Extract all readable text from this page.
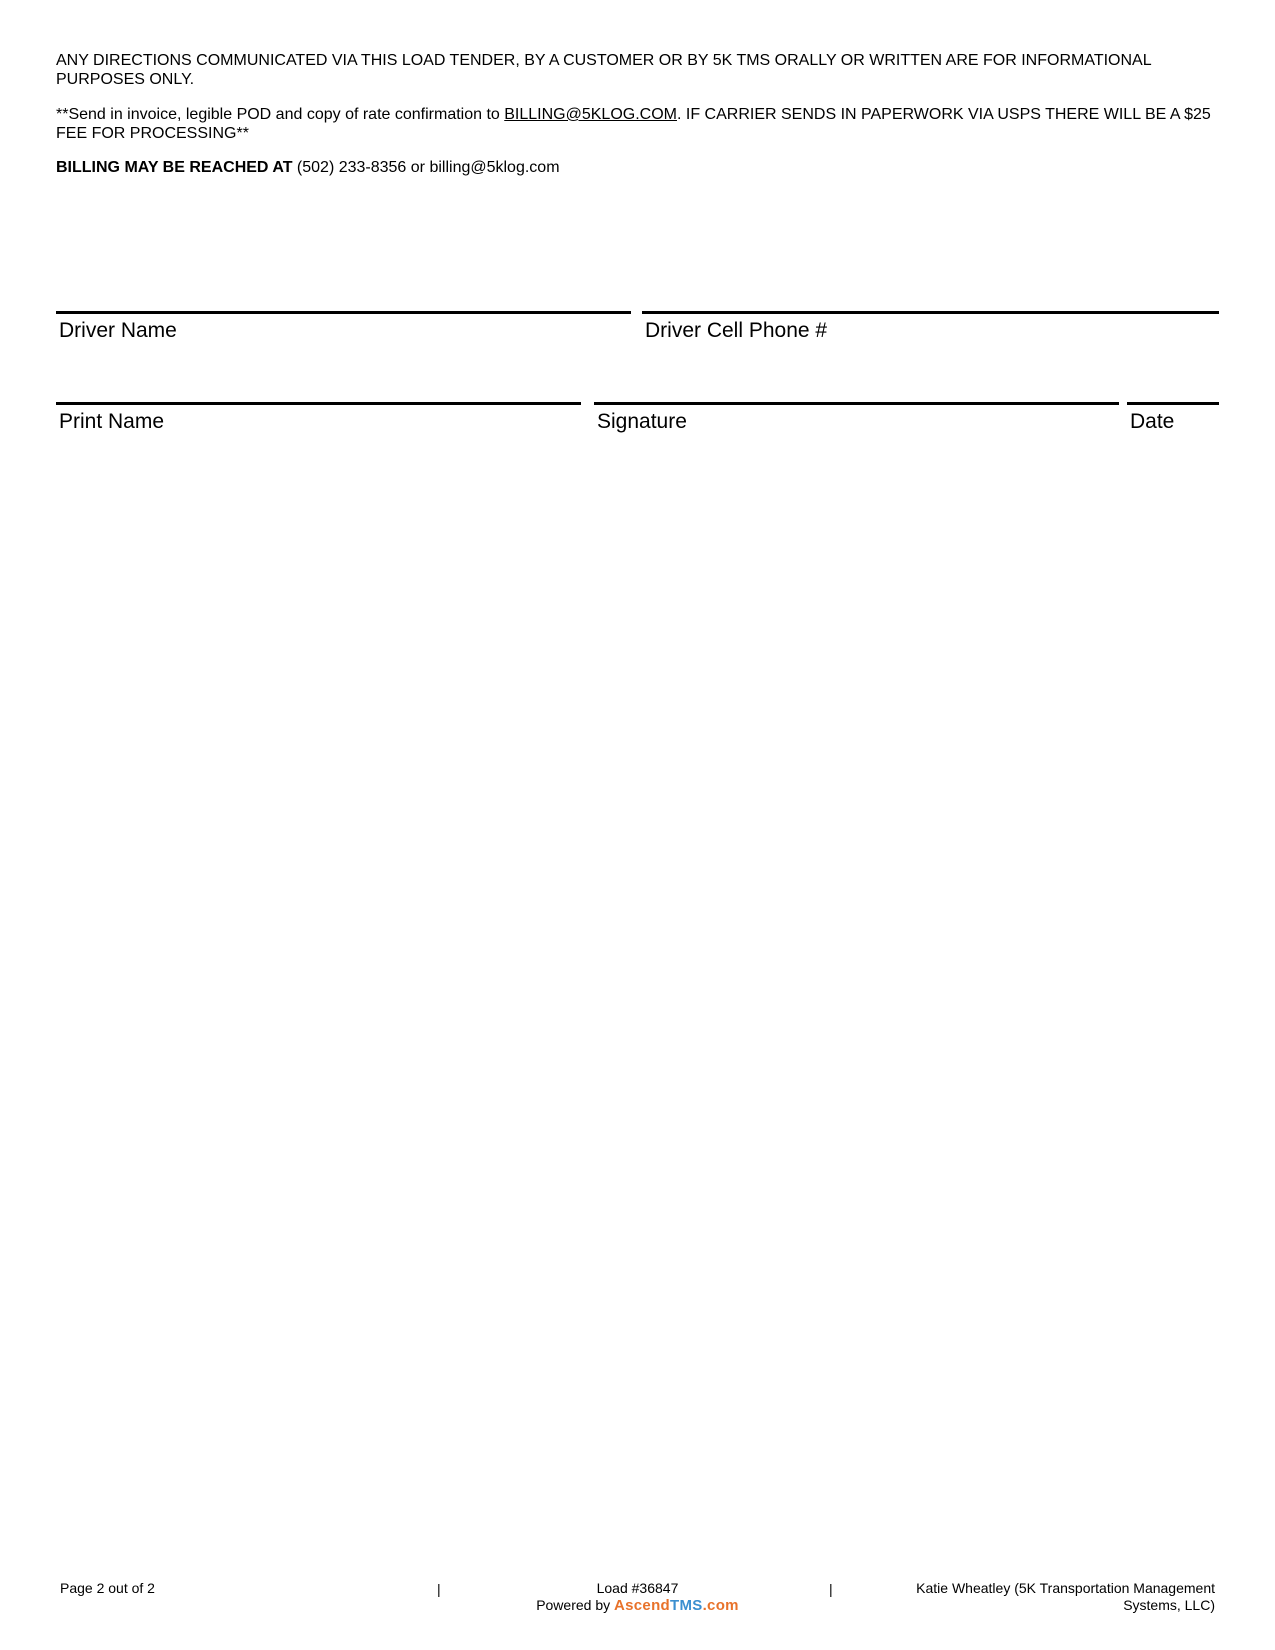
ANY DIRECTIONS COMMUNICATED VIA THIS LOAD TENDER, BY A CUSTOMER OR BY 5K TMS ORALLY OR WRITTEN ARE FOR INFORMATIONAL PURPOSES ONLY.

**Send in invoice, legible POD and copy of rate confirmation to BILLING@5KLOG.COM. IF CARRIER SENDS IN PAPERWORK VIA USPS THERE WILL BE A $25 FEE FOR PROCESSING**

BILLING MAY BE REACHED AT (502) 233-8356 or billing@5klog.com

Driver Name	Driver Cell Phone #
Print Name	Signature	Date
Page 2 out of 2	|	Load #36847
Powered by AscendTMS.com
|	Katie Wheatley (5K Transportation Management Systems, LLC)
